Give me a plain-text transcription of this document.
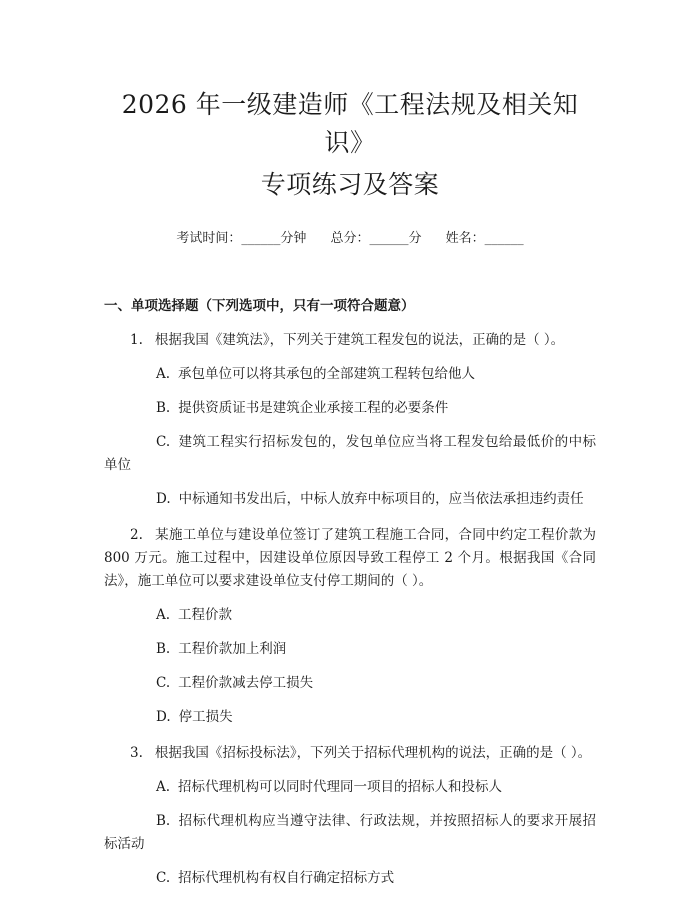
2026 年一级建造师《工程法规及相关知识》
专项练习及答案
考试时间：______分钟 总分：______分 姓名：______
一、单项选择题（下列选项中，只有一项符合题意）
1. 根据我国《建筑法》，下列关于建筑工程发包的说法，正确的是（ ）。
A. 承包单位可以将其承包的全部建筑工程转包给他人
B. 提供资质证书是建筑企业承接工程的必要条件
C. 建筑工程实行招标发包的，发包单位应当将工程发包给最低价的中标单位
D. 中标通知书发出后，中标人放弃中标项目的，应当依法承担违约责任
2. 某施工单位与建设单位签订了建筑工程施工合同，合同中约定工程价款为 800 万元。施工过程中，因建设单位原因导致工程停工 2 个月。根据我国《合同法》，施工单位可以要求建设单位支付停工期间的（ ）。
A. 工程价款
B. 工程价款加上利润
C. 工程价款减去停工损失
D. 停工损失
3. 根据我国《招标投标法》，下列关于招标代理机构的说法，正确的是（ ）。
A. 招标代理机构可以同时代理同一项目的招标人和投标人
B. 招标代理机构应当遵守法律、行政法规，并按照招标人的要求开展招标活动
C. 招标代理机构有权自行确定招标方式
